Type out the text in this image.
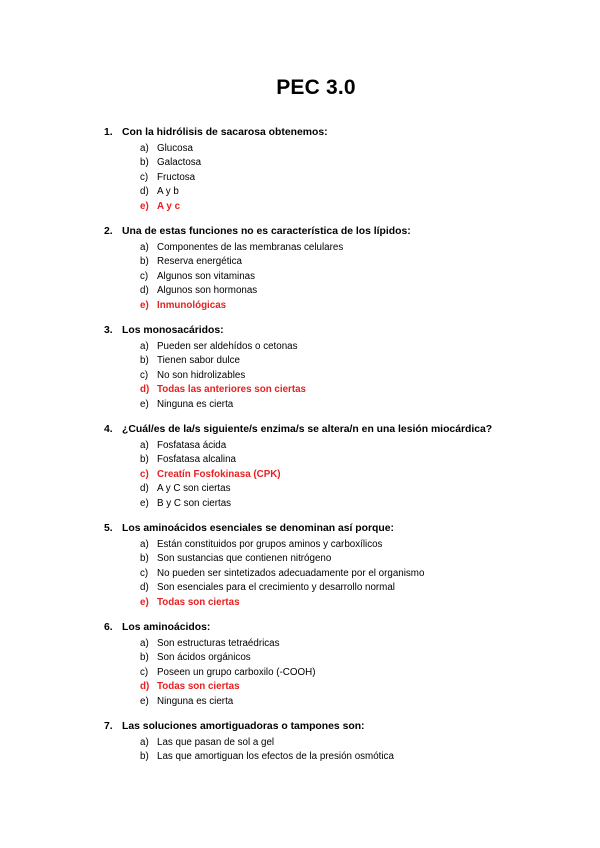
PEC 3.0
1. Con la hidrólisis de sacarosa obtenemos:
a) Glucosa
b) Galactosa
c) Fructosa
d) A y b
e) A y c
2. Una de estas funciones no es característica de los lípidos:
a) Componentes de las membranas celulares
b) Reserva energética
c) Algunos son vitaminas
d) Algunos son hormonas
e) Inmunológicas
3. Los monosacáridos:
a) Pueden ser aldehídos o cetonas
b) Tienen sabor dulce
c) No son hidrolizables
d) Todas las anteriores son ciertas
e) Ninguna es cierta
4. ¿Cuál/es de la/s siguiente/s enzima/s se altera/n en una lesión miocárdica?
a) Fosfatasa ácida
b) Fosfatasa alcalina
c) Creatín Fosfokinasa (CPK)
d) A y C son ciertas
e) B y C son ciertas
5. Los aminoácidos esenciales se denominan así porque:
a) Están constituidos por grupos aminos y carboxílicos
b) Son sustancias que contienen nitrógeno
c) No pueden ser sintetizados adecuadamente por el organismo
d) Son esenciales para el crecimiento y desarrollo normal
e) Todas son ciertas
6. Los aminoácidos:
a) Son estructuras tetraédricas
b) Son ácidos orgánicos
c) Poseen un grupo carboxilo (-COOH)
d) Todas son ciertas
e) Ninguna es cierta
7. Las soluciones amortiguadoras o tampones son:
a) Las que pasan de sol a gel
b) Las que amortiguan los efectos de la presión osmótica
